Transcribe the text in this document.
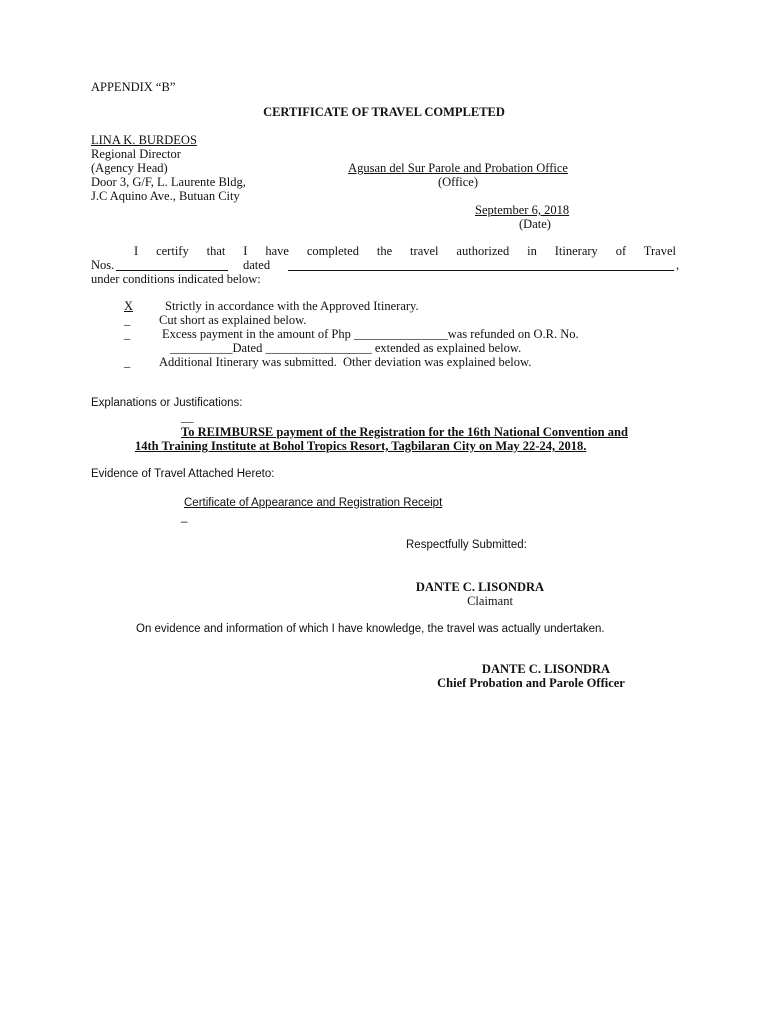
APPENDIX “B”
CERTIFICATE OF TRAVEL COMPLETED
LINA K. BURDEOS
Regional Director
(Agency Head)
Door 3, G/F, L. Laurente Bldg,
J.C Aquino Ave., Butuan City
Agusan del Sur Parole and Probation Office
(Office)
September 6, 2018
(Date)
I certify that I have completed the travel authorized in Itinerary of Travel
Nos.	dated	,
under conditions indicated below:
X	Strictly in accordance with the Approved Itinerary.
_ Cut short as explained below.
_	Excess payment in the amount of Php _______________was refunded on O.R. No.
__________Dated _________________ extended as explained below.
_ Additional Itinerary was submitted.  Other deviation was explained below.
Explanations or Justifications:
__
To REIMBURSE payment of the Registration for the 16th National Convention and
14th Training Institute at Bohol Tropics Resort, Tagbilaran City on May 22-24, 2018.
Evidence of Travel Attached Hereto:
Certificate of Appearance and Registration Receipt
_
Respectfully Submitted:
DANTE C. LISONDRA
Claimant
On evidence and information of which I have knowledge, the travel was actually undertaken.
DANTE C. LISONDRA
Chief Probation and Parole Officer
